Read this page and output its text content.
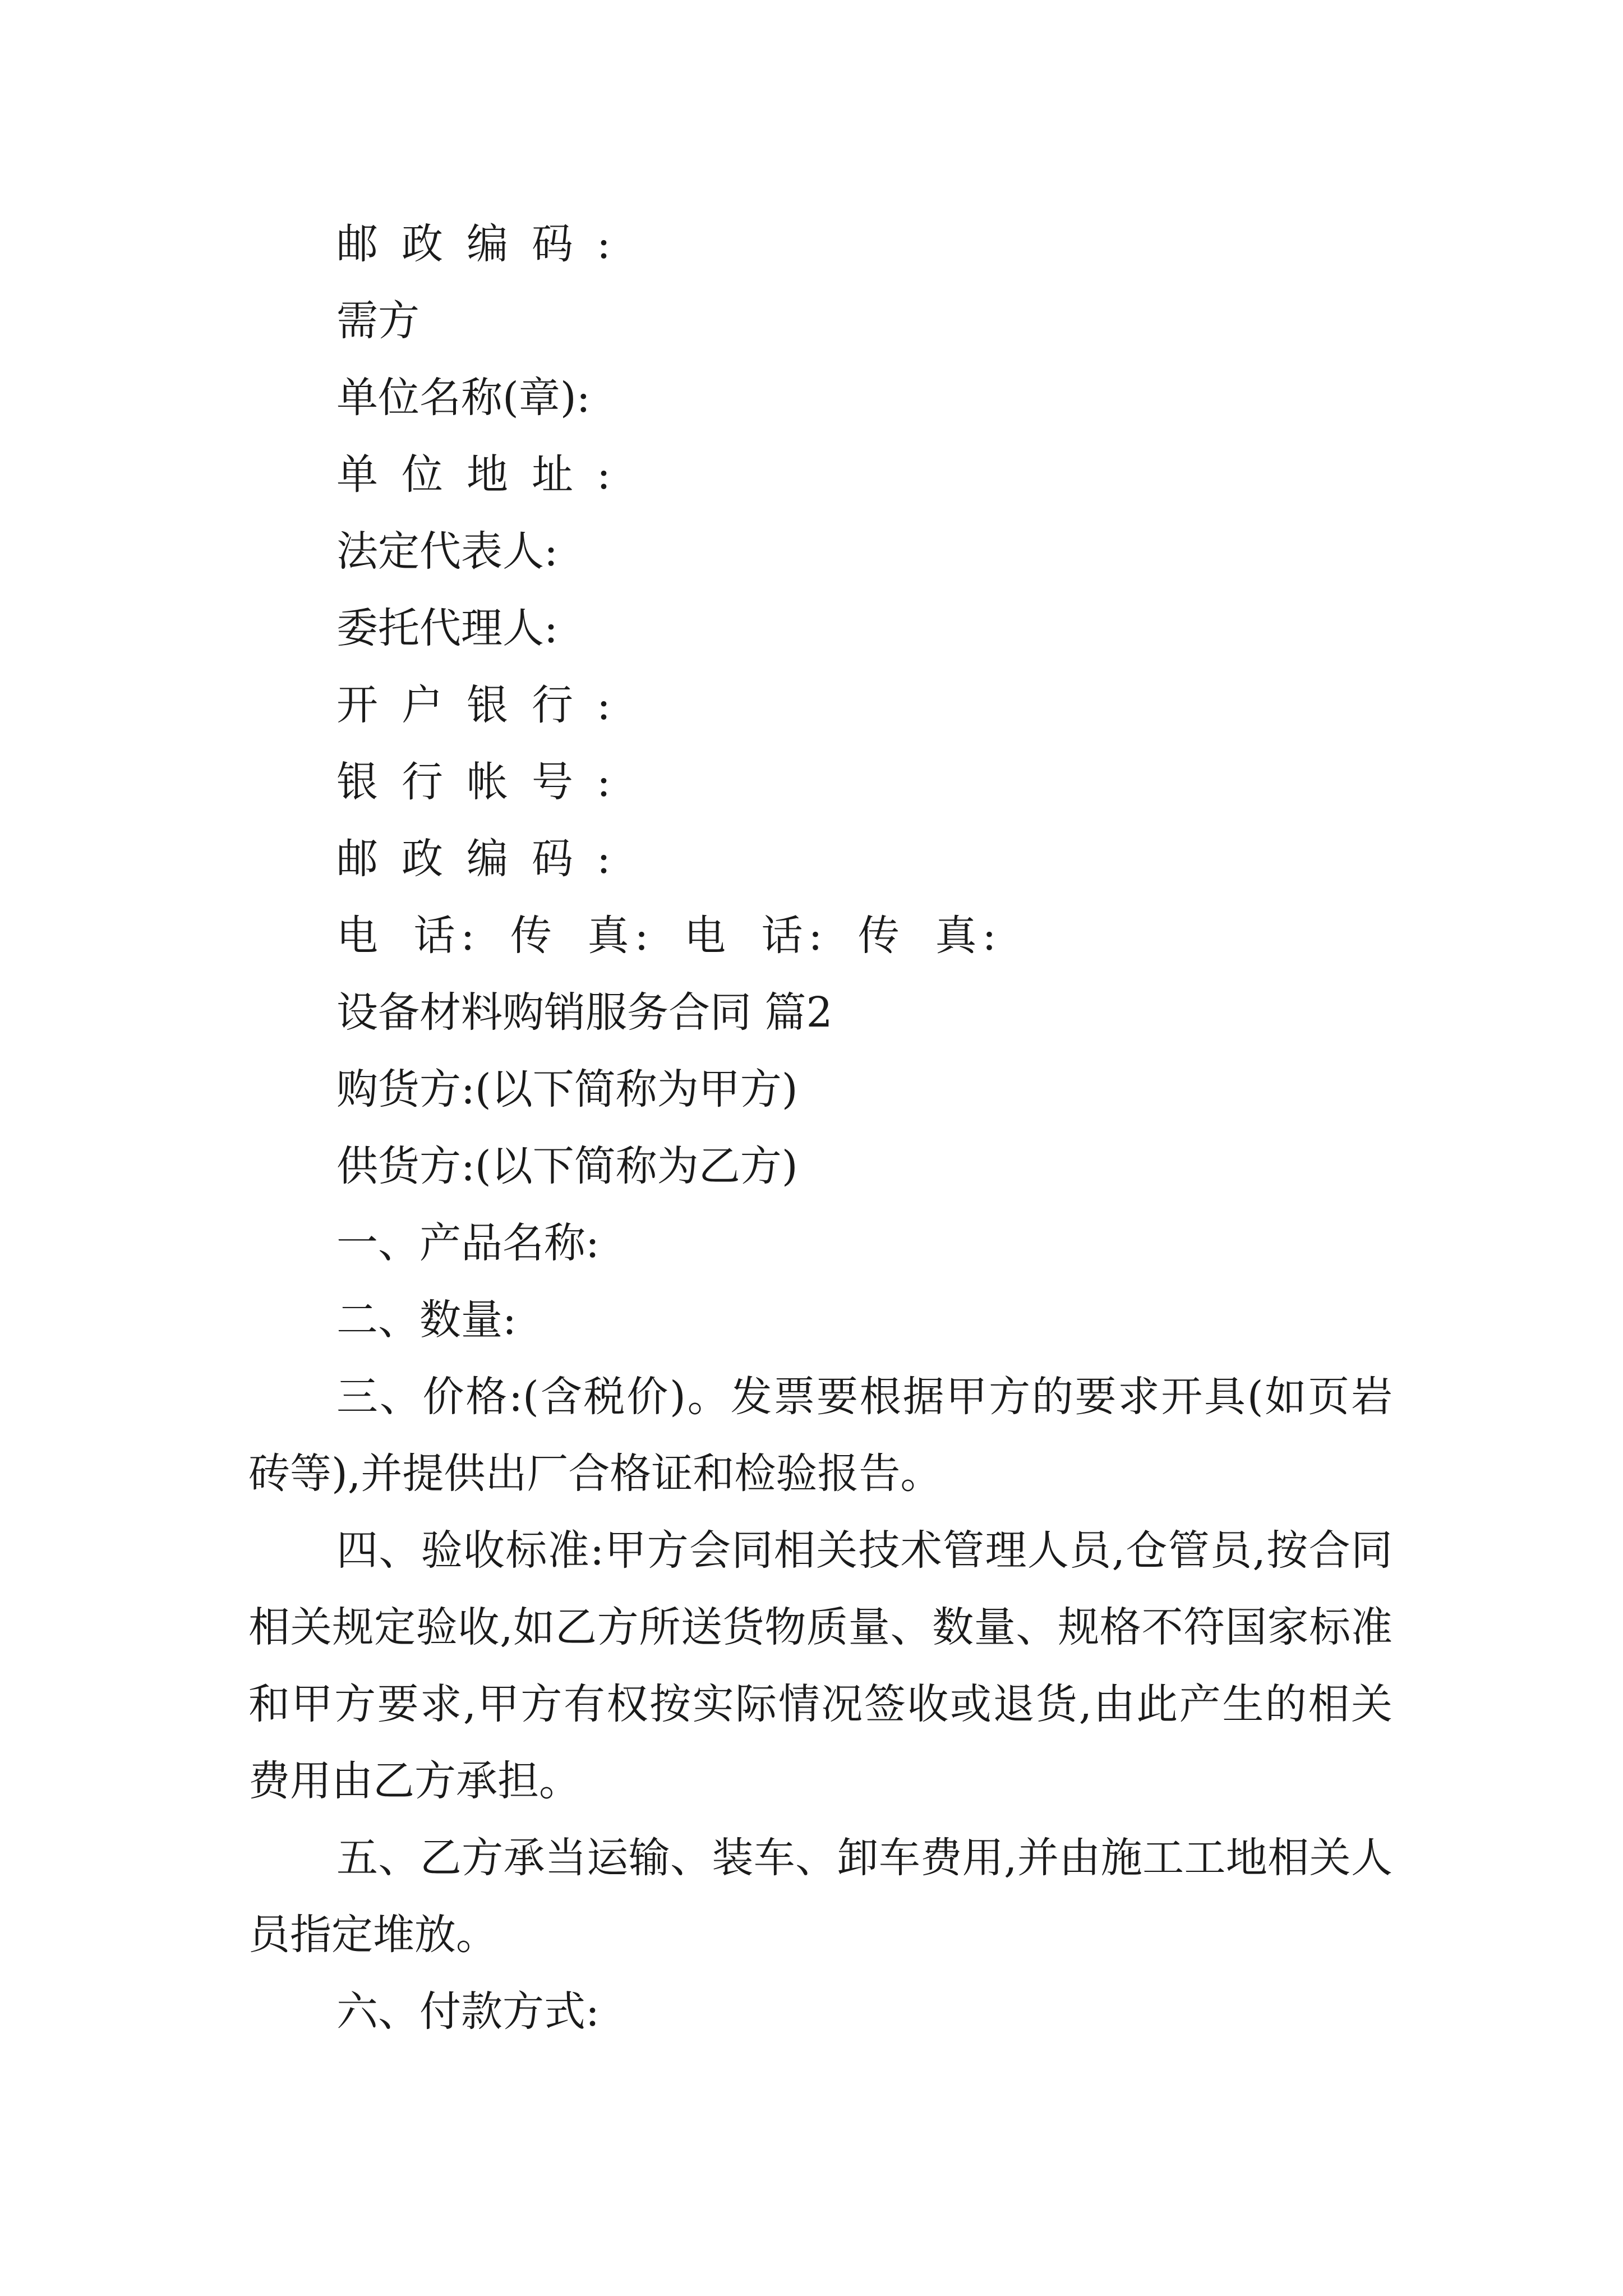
邮政编码:
需方
单位名称(章):
单位地址:
法定代表人:
委托代理人:
开户银行:
银行帐号:
邮政编码:
电 话: 传 真: 电 话: 传 真:
设备材料购销服务合同 篇2
购货方:(以下简称为甲方)
供货方:(以下简称为乙方)
一、产品名称:
二、数量:
三、价格:(含税价)。发票要根据甲方的要求开具(如页岩砖等),并提供出厂合格证和检验报告。
四、验收标准:甲方会同相关技术管理人员,仓管员,按合同相关规定验收,如乙方所送货物质量、数量、规格不符国家标准和甲方要求,甲方有权按实际情况签收或退货,由此产生的相关费用由乙方承担。
五、乙方承当运输、装车、卸车费用,并由施工工地相关人员指定堆放。
六、付款方式:
